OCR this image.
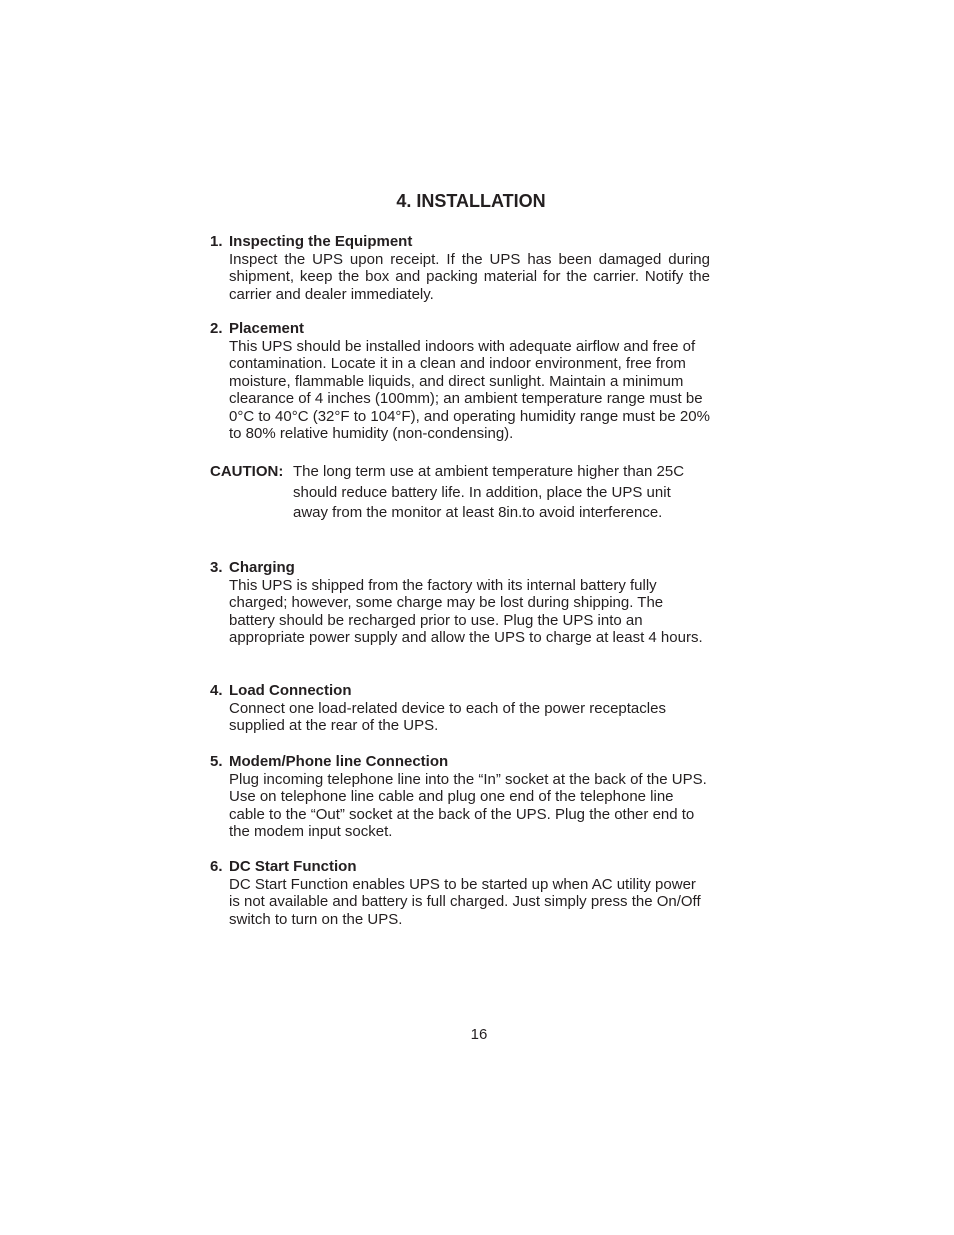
4. INSTALLATION
1. Inspecting the Equipment

Inspect the UPS upon receipt. If the UPS has been damaged during shipment, keep the box and packing material for the carrier. Notify the carrier and dealer immediately.

2. Placement

This UPS should be installed indoors with adequate airflow and free of contamination. Locate it in a clean and indoor environment, free from moisture, flammable liquids, and direct sunlight. Maintain a minimum clearance of 4 inches (100mm); an ambient temperature range must be 0°C to 40°C (32°F to 104°F), and operating humidity range must be 20% to 80% relative humidity (non-condensing).

CAUTION: The long term use at ambient temperature higher than 25C should reduce battery life. In addition, place the UPS unit away from the monitor at least 8in.to avoid interference.
3. Charging

This UPS is shipped from the factory with its internal battery fully charged; however, some charge may be lost during shipping. The battery should be recharged prior to use. Plug the UPS into an appropriate power supply and allow the UPS to charge at least 4 hours.

4. Load Connection

Connect one load-related device to each of the power receptacles supplied at the rear of the UPS.

5. Modem/Phone line Connection

Plug incoming telephone line into the “In” socket at the back of the UPS. Use on telephone line cable and plug one end of the telephone line cable to the “Out” socket at the back of the UPS. Plug the other end to the modem input socket.

6. DC Start Function

DC Start Function enables UPS to be started up when AC utility power is not available and battery is full charged. Just simply press the On/Off switch to turn on the UPS.

16
